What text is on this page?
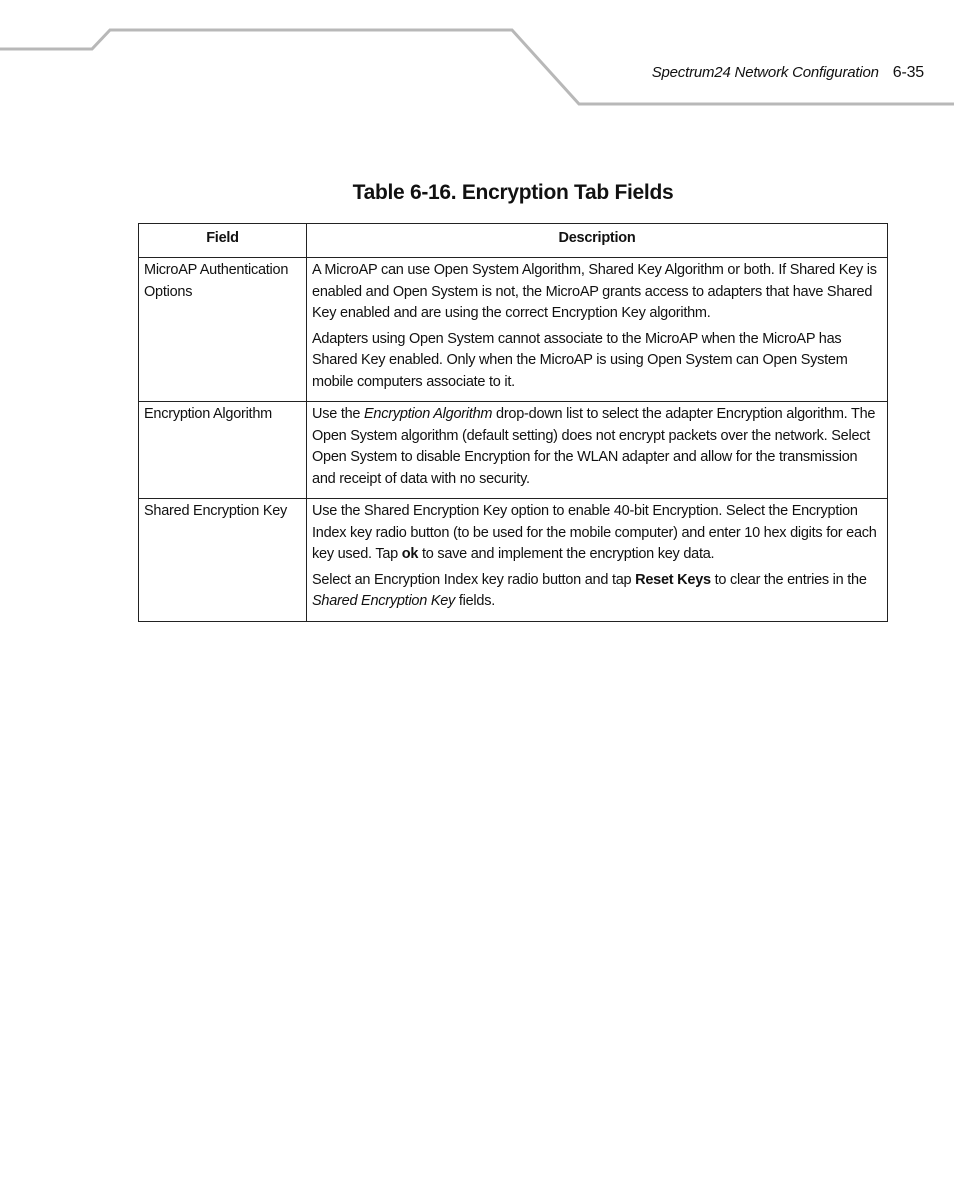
Spectrum24 Network Configuration 6-35
Table 6-16. Encryption Tab Fields
Field	Description
MicroAP Authentication Options	A MicroAP can use Open System Algorithm, Shared Key Algorithm or both. If Shared Key is enabled and Open System is not, the MicroAP grants access to adapters that have Shared Key enabled and are using the correct Encryption Key algorithm.

Adapters using Open System cannot associate to the MicroAP when the MicroAP has Shared Key enabled. Only when the MicroAP is using Open System can Open System mobile computers associate to it.

Encryption Algorithm	Use the Encryption Algorithm drop-down list to select the adapter Encryption algorithm. The Open System algorithm (default setting) does not encrypt packets over the network. Select Open System to disable Encryption for the WLAN adapter and allow for the transmission and receipt of data with no security.

Shared Encryption Key	Use the Shared Encryption Key option to enable 40-bit Encryption. Select the Encryption Index key radio button (to be used for the mobile computer) and enter 10 hex digits for each key used. Tap ok to save and implement the encryption key data.

Select an Encryption Index key radio button and tap Reset Keys to clear the entries in the Shared Encryption Key fields.
